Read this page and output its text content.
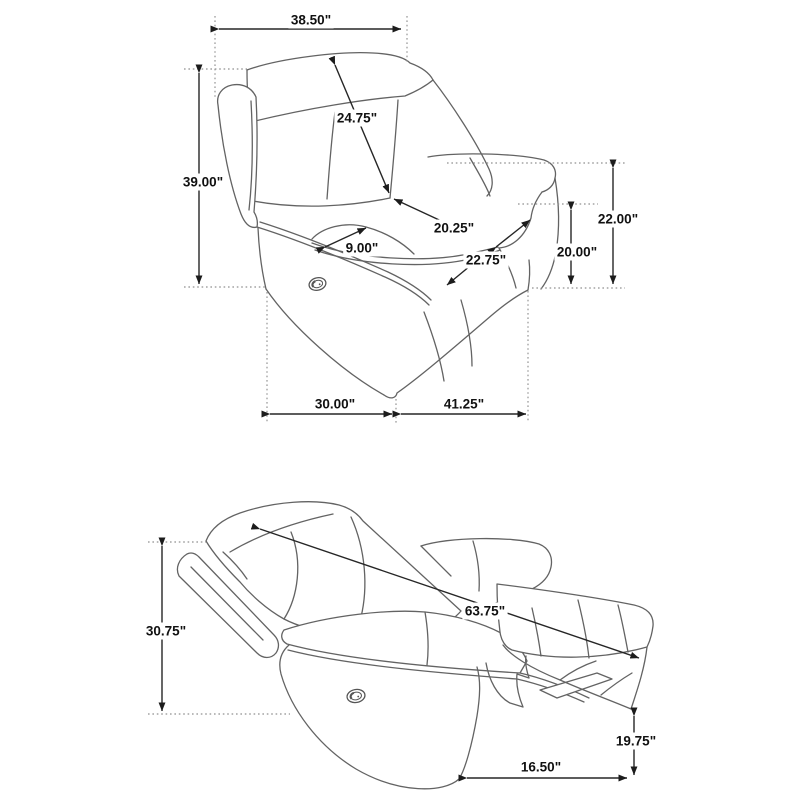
38.50"
39.00"
24.75"
20.25"
22.75"
9.00"	20.00"
22.00"
30.00"	41.25"
30.75"
63.75"
19.75"
16.50"
